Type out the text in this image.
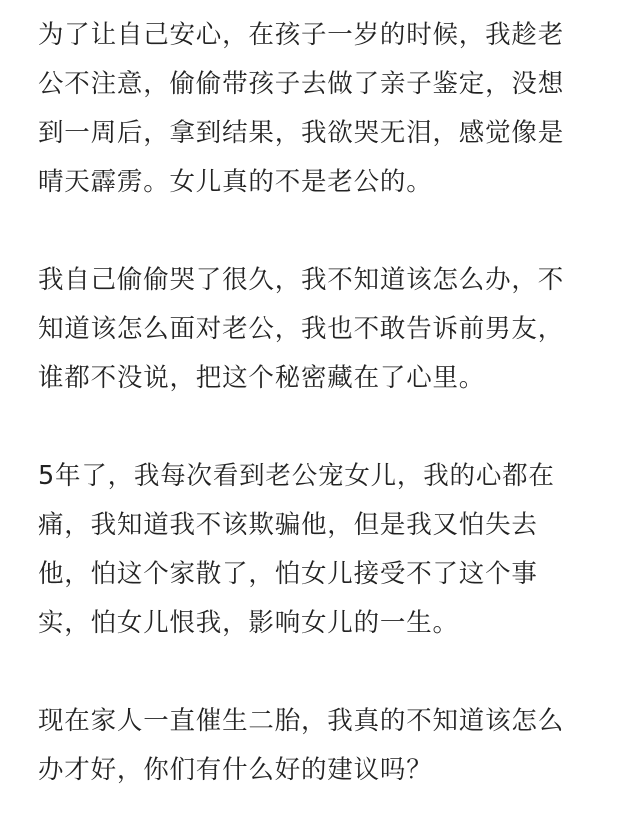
为了让自己安心，在孩子一岁的时候，我趁老
公不注意，偷偷带孩子去做了亲子鉴定，没想
到一周后，拿到结果，我欲哭无泪，感觉像是
晴天霹雳。女儿真的不是老公的。

我自己偷偷哭了很久，我不知道该怎么办，不
知道该怎么面对老公，我也不敢告诉前男友，
谁都不没说，把这个秘密藏在了心里。

5年了，我每次看到老公宠女儿，我的心都在
痛，我知道我不该欺骗他，但是我又怕失去
他，怕这个家散了，怕女儿接受不了这个事
实，怕女儿恨我，影响女儿的一生。

现在家人一直催生二胎，我真的不知道该怎么
办才好，你们有什么好的建议吗？
